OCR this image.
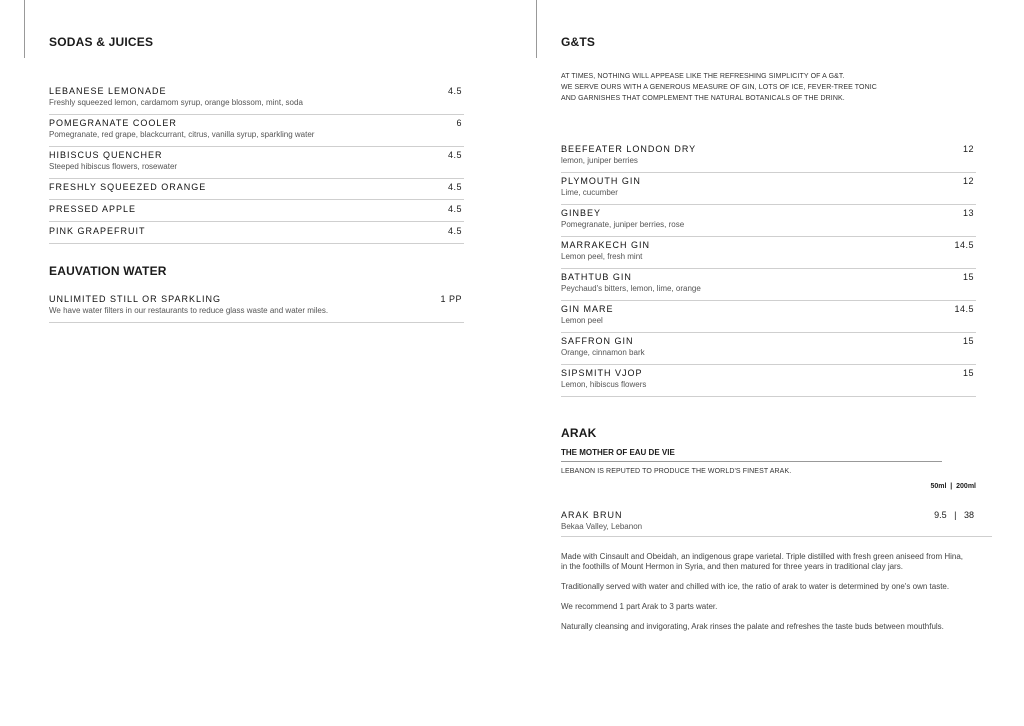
SODAS & JUICES
LEBANESE LEMONADE
Freshly squeezed lemon, cardamom syrup, orange blossom, mint, soda
4.5
POMEGRANATE COOLER
Pomegranate, red grape, blackcurrant, citrus, vanilla syrup, sparkling water
6
HIBISCUS QUENCHER
Steeped hibiscus flowers, rosewater
4.5
FRESHLY SQUEEZED ORANGE	4.5
PRESSED APPLE	4.5
PINK GRAPEFRUIT	4.5
EAUVATION WATER
UNLIMITED STILL OR SPARKLING
We have water filters in our restaurants to reduce glass waste and water miles.
1 PP
G&TS
AT TIMES, NOTHING WILL APPEASE LIKE THE REFRESHING SIMPLICITY OF A G&T.
WE SERVE OURS WITH A GENEROUS MEASURE OF GIN, LOTS OF ICE, FEVER-TREE TONIC
AND GARNISHES THAT COMPLEMENT THE NATURAL BOTANICALS OF THE DRINK.
BEEFEATER LONDON DRY
lemon, juniper berries
12
PLYMOUTH GIN
Lime, cucumber
12
GINBEY
Pomegranate, juniper berries, rose
13
MARRAKECH GIN
Lemon peel, fresh mint
14.5
BATHTUB GIN
Peychaud's bitters, lemon, lime, orange
15
GIN MARE
Lemon peel
14.5
SAFFRON GIN
Orange, cinnamon bark
15
SIPSMITH VJOP
Lemon, hibiscus flowers
15
ARAK
THE MOTHER OF EAU DE VIE
LEBANON IS REPUTED TO PRODUCE THE WORLD'S FINEST ARAK.
50ml  |  200ml
ARAK BRUN
Bekaa Valley, Lebanon
9.5   |   38

Made with Cinsault and Obeidah, an indigenous grape varietal. Triple distilled with fresh green aniseed from Hina, in the foothills of Mount Hermon in Syria, and then matured for three years in traditional clay jars.

Traditionally served with water and chilled with ice, the ratio of arak to water is determined by one's own taste.

We recommend 1 part Arak to 3 parts water.

Naturally cleansing and invigorating, Arak rinses the palate and refreshes the taste buds between mouthfuls.
